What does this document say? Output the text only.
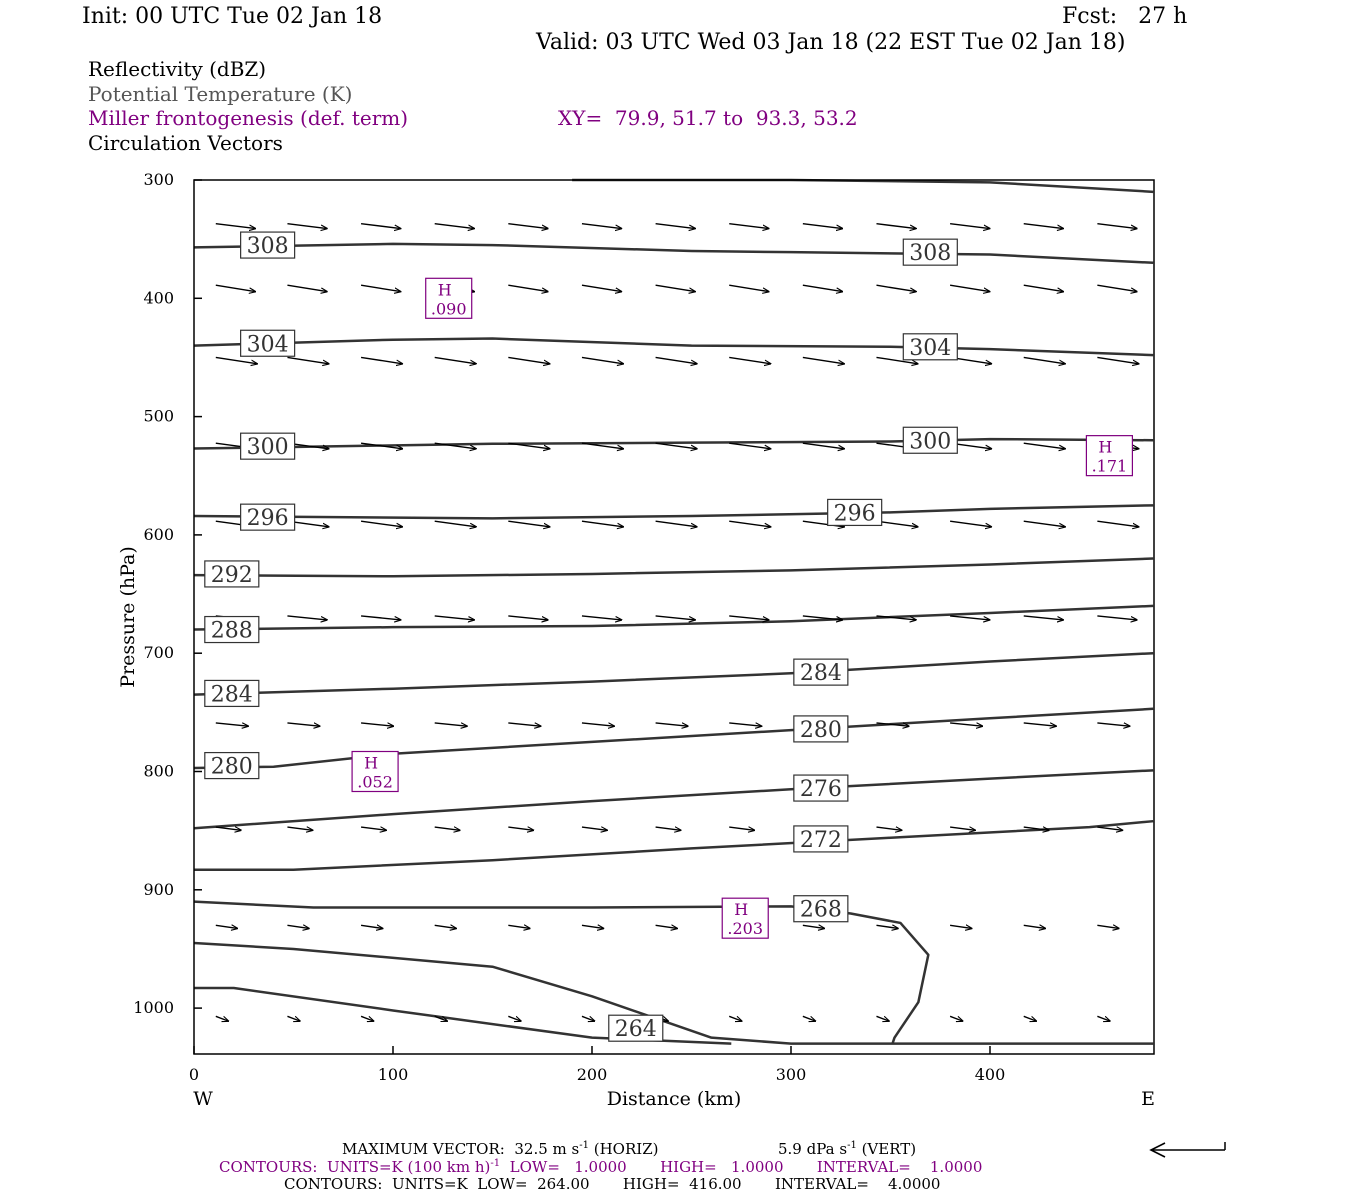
Init: 00 UTC Tue 02 Jan 18	Fcst:   27 h
Valid: 03 UTC Wed 03 Jan 18 (22 EST Tue 02 Jan 18)
Reflectivity (dBZ)
Potential Temperature (K)
Miller frontogenesis (def. term)	XY=  79.9, 51.7 to  93.3, 53.2
Circulation Vectors
308	308
304	304
300	300
296	296
292
288
284
284
280
280
276
272
268
264
H
.090
H
.171
H
.052
H
.203
300
400
500
600
700
800
900
1000
0	100	200	300	400
Pressure (hPa)
Distance (km)
W	E
MAXIMUM VECTOR:  32.5 m $s^{-1}$ (HORIZ)	5.9 dPa $s^{-1}$ (VERT)
CONTOURS:  UNITS=K (100 km h)$^{-1}$  LOW=   1.0000       HIGH=   1.0000       INTERVAL=    1.0000
CONTOURS:  UNITS=K  LOW=  264.00       HIGH=  416.00       INTERVAL=    4.0000
